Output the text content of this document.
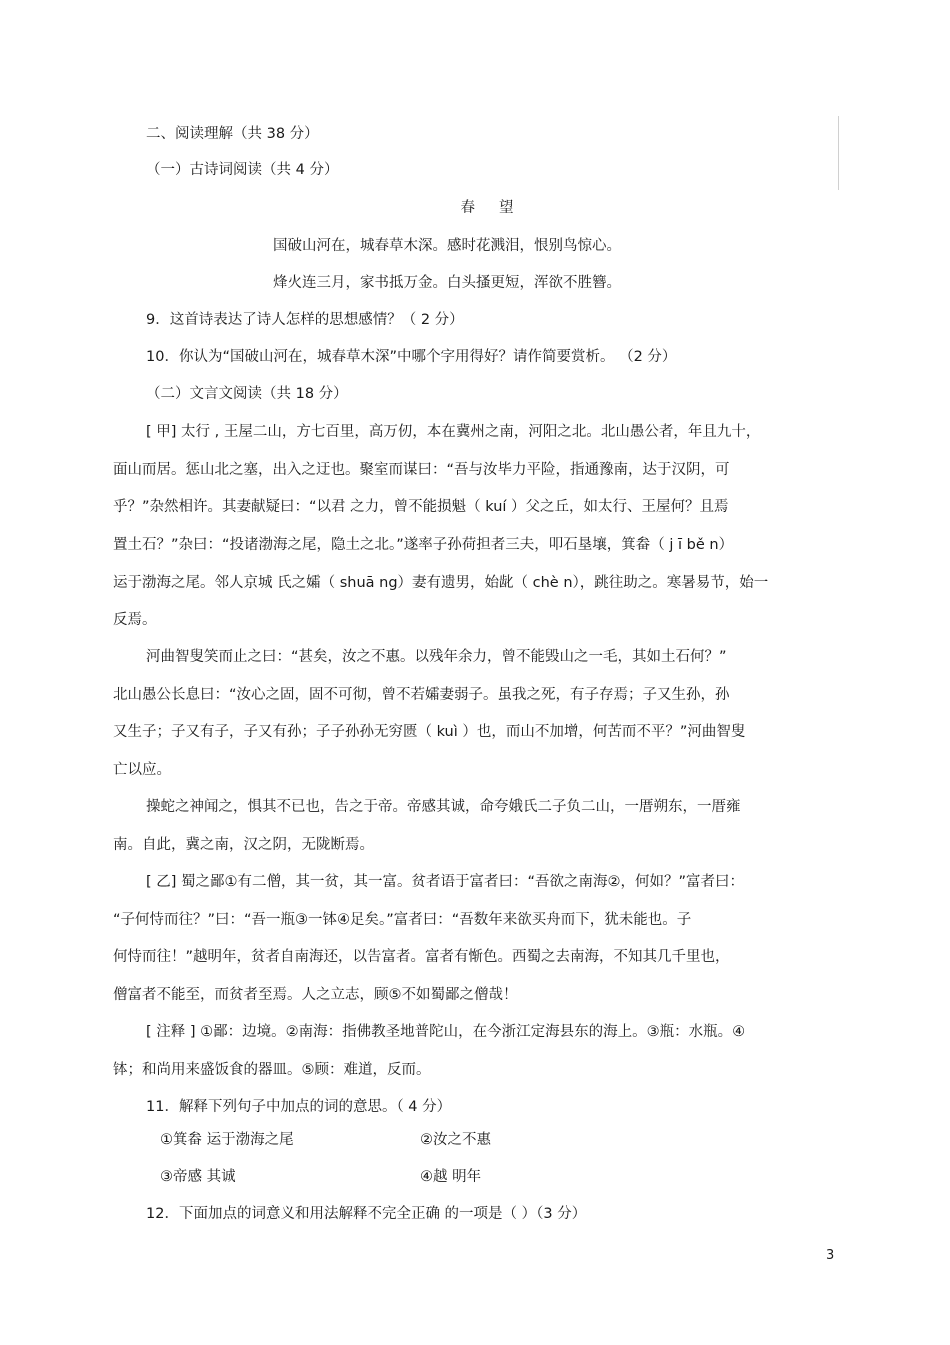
二、阅读理解（共 38 分）
（一）古诗词阅读（共 4 分）
春望
国破山河在，城春草木深。感时花溅泪，恨别鸟惊心。
烽火连三月，家书抵万金。白头搔更短，浑欲不胜簪。
9．这首诗表达了诗人怎样的思想感情？（ 2 分）
10．你认为“国破山河在，城春草木深”中哪个字用得好？请作简要赏析。 （2 分）
（二）文言文阅读（共 18 分）
[ 甲] 太行 , 王屋二山，方七百里，高万仞，本在冀州之南，河阳之北。北山愚公者，年且九十，
面山而居。惩山北之塞，出入之迂也。聚室而谋曰：“吾与汝毕力平险，指通豫南，达于汉阴，可
乎？”杂然相许。其妻献疑曰：“以君 之力，曾不能损魁（ kuí ）父之丘，如太行、王屋何？且焉
置土石？”杂曰：“投诸渤海之尾，隐土之北。”遂率子孙荷担者三夫，叩石垦壤，箕畚（ j ī bě n）
运于渤海之尾。邻人京城 氏之孀（ shuā ng）妻有遗男，始龀（ chè n），跳往助之。寒暑易节，始一
反焉。
河曲智叟笑而止之曰：“甚矣，汝之不惠。以残年余力，曾不能毁山之一毛，其如土石何？”
北山愚公长息曰：“汝心之固，固不可彻，曾不若孀妻弱子。虽我之死，有子存焉；子又生孙，孙
又生子；子又有子，子又有孙；子子孙孙无穷匮（ kuì ）也，而山不加增，何苦而不平？”河曲智叟
亡以应。
操蛇之神闻之，惧其不已也，告之于帝。帝感其诚，命夸娥氏二子负二山，一厝朔东，一厝雍
南。自此，冀之南，汉之阴，无陇断焉。
[ 乙] 蜀之鄙①有二僧，其一贫，其一富。贫者语于富者曰：“吾欲之南海②，何如？”富者曰：
“子何恃而往？”曰：“吾一瓶③一钵④足矣。”富者曰：“吾数年来欲买舟而下，犹未能也。子
何恃而往！”越明年，贫者自南海还，以告富者。富者有惭色。西蜀之去南海，不知其几千里也，
僧富者不能至，而贫者至焉。人之立志，顾⑤不如蜀鄙之僧哉！
[ 注释 ] ①鄙：边境。②南海：指佛教圣地普陀山，在今浙江定海县东的海上。③瓶：水瓶。④
钵；和尚用来盛饭食的器皿。⑤顾：难道，反而。
11．解释下列句子中加点的词的意思。（ 4 分）
①箕畚 运于渤海之尾	②汝之不惠
③帝感 其诚	④越 明年
12．下面加点的词意义和用法解释不完全正确 的一项是（ ）（3 分）
3
